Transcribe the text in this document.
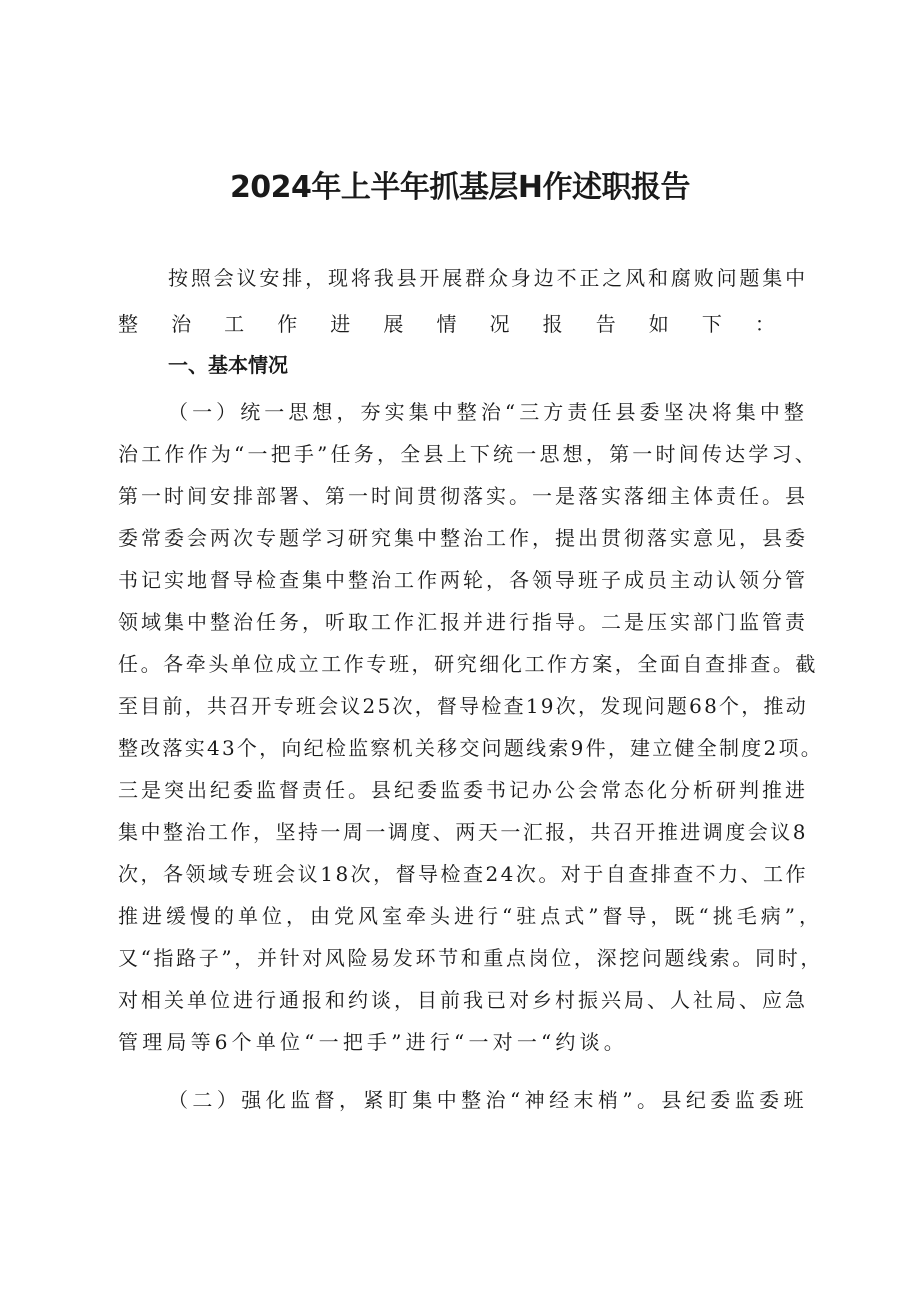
2024年上半年抓基层H作述职报告

按照会议安排，现将我县开展群众身边不正之风和腐败问题集中

整治工作进展情况报告如下：

一、基本情况

（一）统一思想，夯实集中整治“三方责任县委坚决将集中整

治工作作为“一把手”任务，全县上下统一思想，第一时间传达学习、

第一时间安排部署、第一时间贯彻落实。一是落实落细主体责任。县

委常委会两次专题学习研究集中整治工作，提出贯彻落实意见，县委

书记实地督导检查集中整治工作两轮，各领导班子成员主动认领分管

领域集中整治任务，听取工作汇报并进行指导。二是压实部门监管责

任。各牵头单位成立工作专班，研究细化工作方案，全面自查排查。截

至目前，共召开专班会议25次，督导检查19次，发现问题68个，推动

整改落实43个，向纪检监察机关移交问题线索9件，建立健全制度2项。

三是突出纪委监督责任。县纪委监委书记办公会常态化分析研判推进

集中整治工作，坚持一周一调度、两天一汇报，共召开推进调度会议8

次，各领域专班会议18次，督导检查24次。对于自查排查不力、工作

推进缓慢的单位，由党风室牵头进行“驻点式”督导，既“挑毛病”，

又“指路子”，并针对风险易发环节和重点岗位，深挖问题线索。同时，

对相关单位进行通报和约谈，目前我已对乡村振兴局、人社局、应急

管理局等6个单位“一把手”进行“一对一“约谈。

（二）强化监督，紧盯集中整治“神经末梢”。县纪委监委班
